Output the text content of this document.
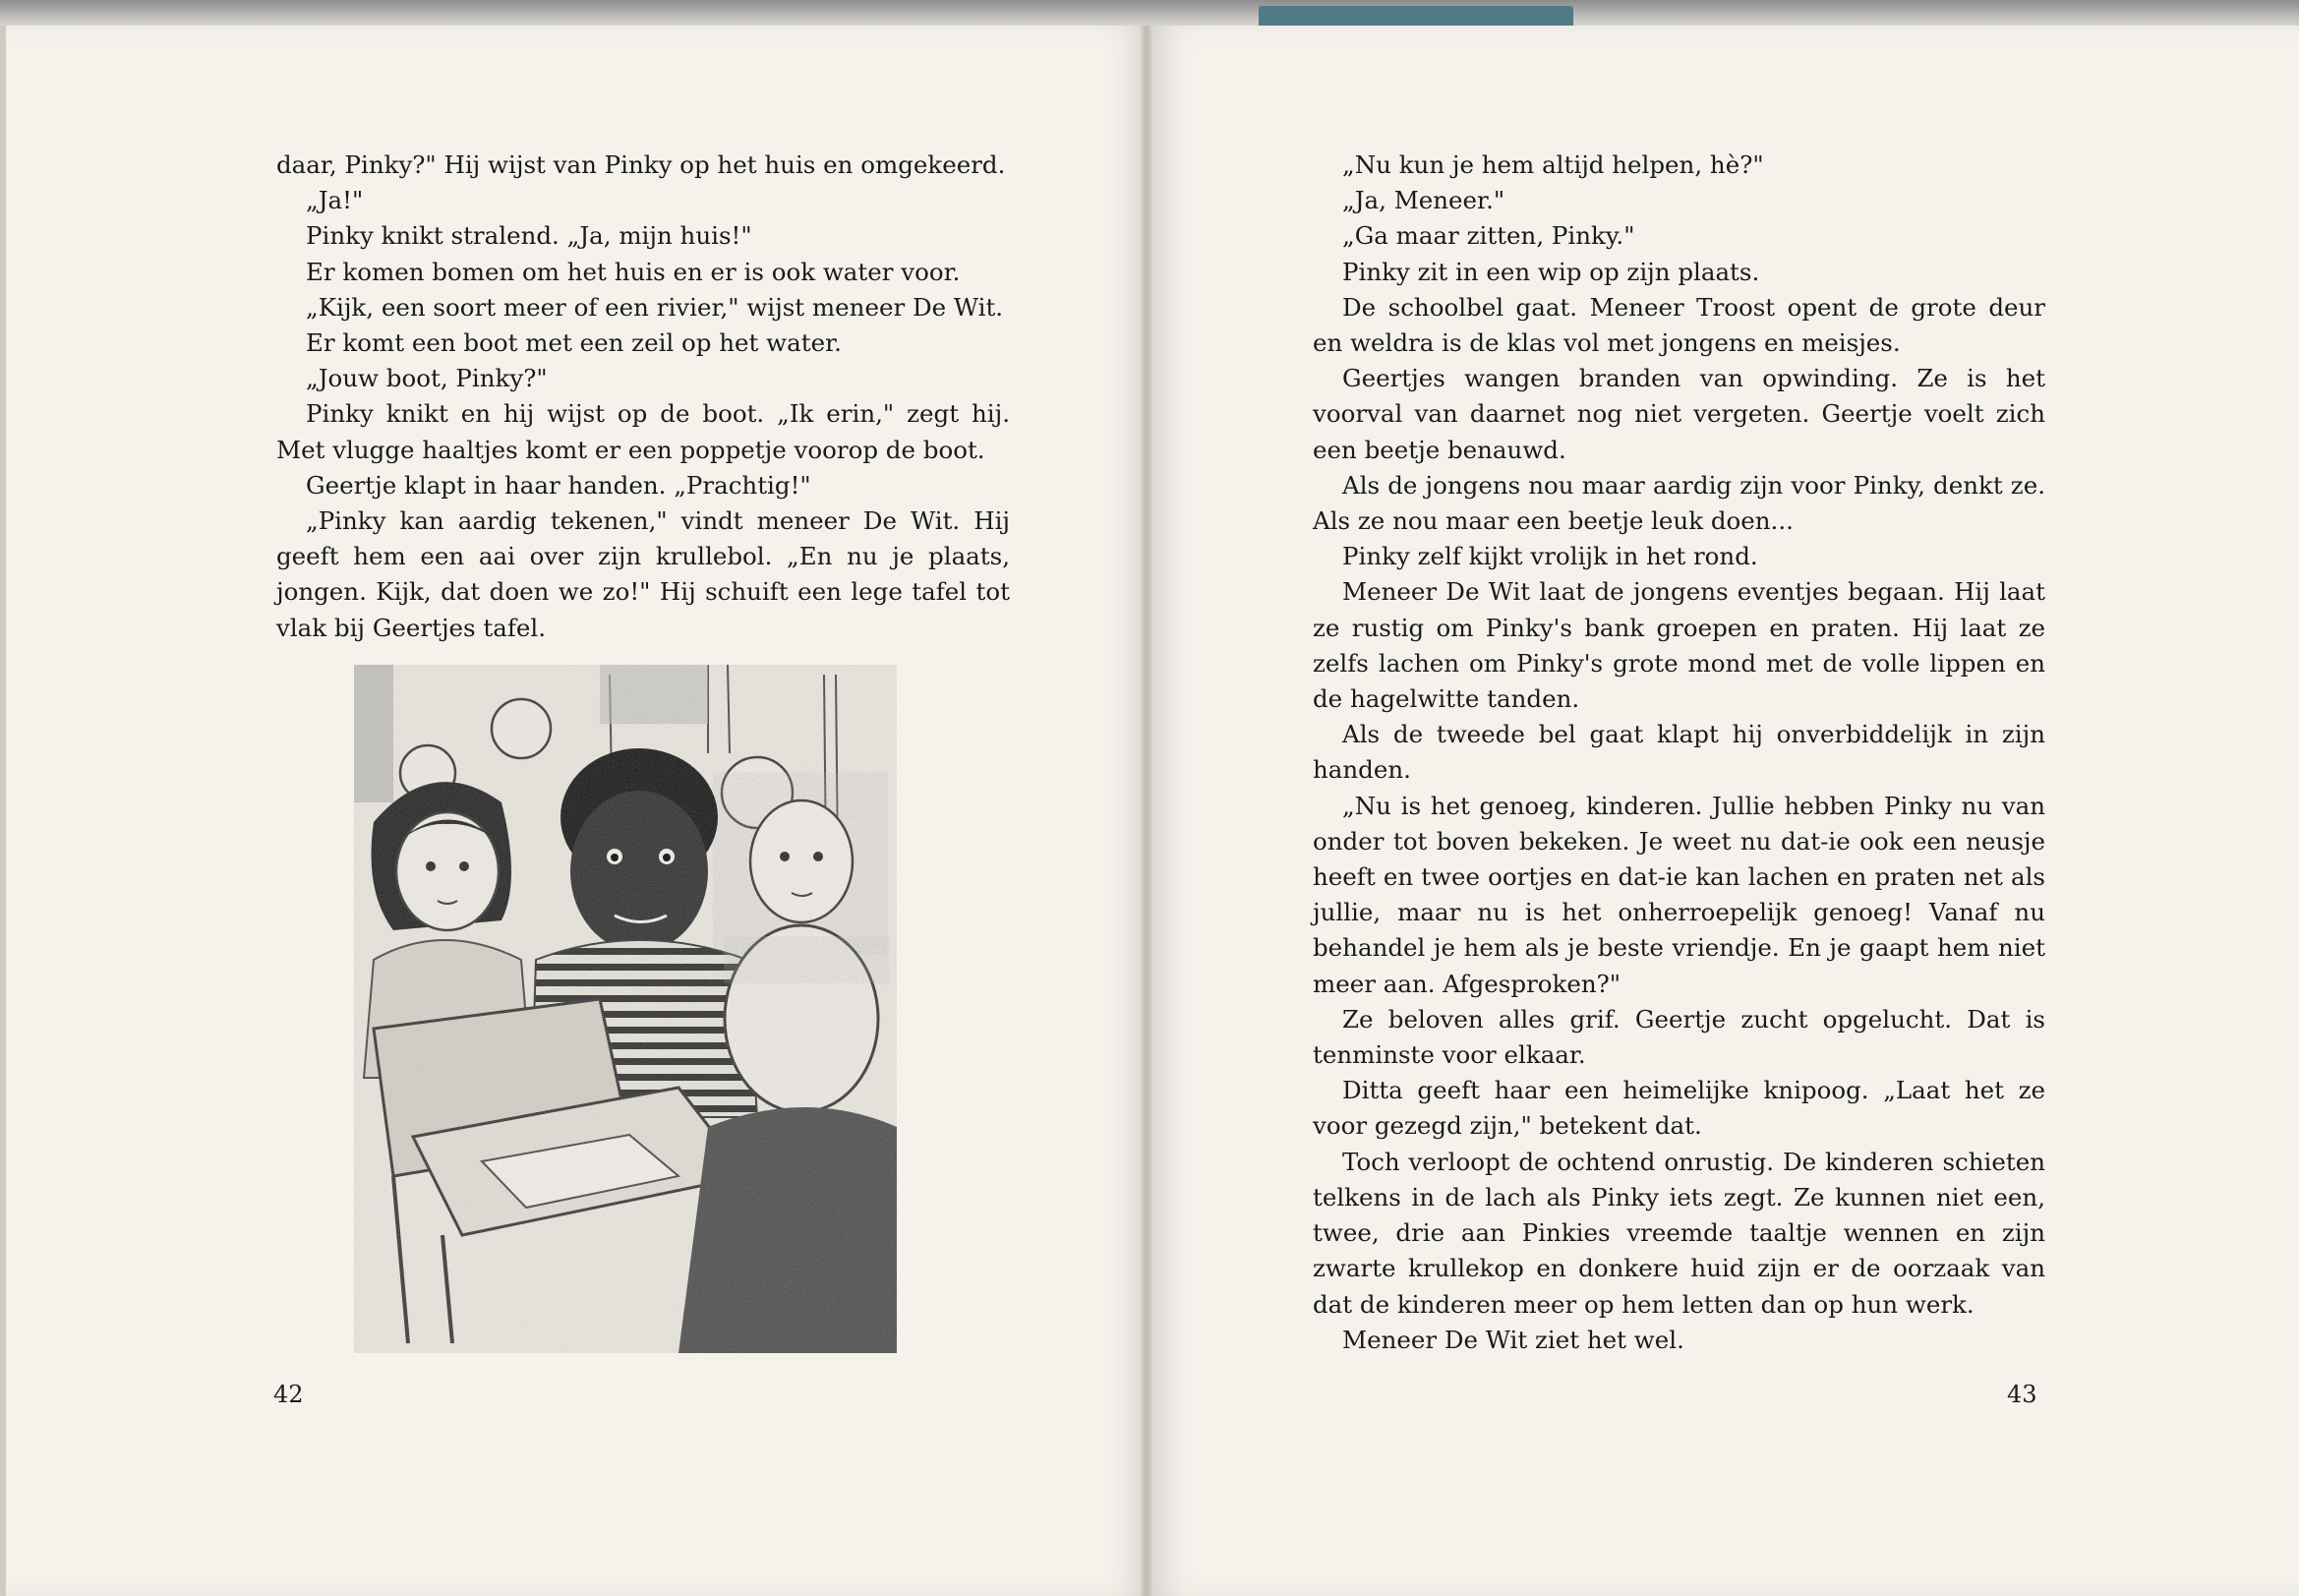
daar, Pinky?" Hij wijst van Pinky op het huis en omgekeerd.

„Ja!"

Pinky knikt stralend. „Ja, mijn huis!"

Er komen bomen om het huis en er is ook water voor.

„Kijk, een soort meer of een rivier," wijst meneer De Wit.

Er komt een boot met een zeil op het water.

„Jouw boot, Pinky?"

Pinky knikt en hij wijst op de boot. „Ik erin," zegt hij. Met vlugge haaltjes komt er een poppetje voorop de boot.

Geertje klapt in haar handen. „Prachtig!"

„Pinky kan aardig tekenen," vindt meneer De Wit. Hij geeft hem een aai over zijn krullebol. „En nu je plaats, jongen. Kijk, dat doen we zo!" Hij schuift een lege tafel tot vlak bij Geertjes tafel.

42

„Nu kun je hem altijd helpen, hè?"

„Ja, Meneer."

„Ga maar zitten, Pinky."

Pinky zit in een wip op zijn plaats.

De schoolbel gaat. Meneer Troost opent de grote deur en weldra is de klas vol met jongens en meisjes.

Geertjes wangen branden van opwinding. Ze is het voorval van daarnet nog niet vergeten. Geertje voelt zich een beetje benauwd.

Als de jongens nou maar aardig zijn voor Pinky, denkt ze. Als ze nou maar een beetje leuk doen...

Pinky zelf kijkt vrolijk in het rond.

Meneer De Wit laat de jongens eventjes begaan. Hij laat ze rustig om Pinky's bank groepen en praten. Hij laat ze zelfs lachen om Pinky's grote mond met de volle lippen en de hagelwitte tanden.

Als de tweede bel gaat klapt hij onverbiddelijk in zijn handen.

„Nu is het genoeg, kinderen. Jullie hebben Pinky nu van onder tot boven bekeken. Je weet nu dat-ie ook een neusje heeft en twee oortjes en dat-ie kan lachen en praten net als jullie, maar nu is het onherroepelijk genoeg! Vanaf nu behandel je hem als je beste vriendje. En je gaapt hem niet meer aan. Afgesproken?"

Ze beloven alles grif. Geertje zucht opgelucht. Dat is tenminste voor elkaar.

Ditta geeft haar een heimelijke knipoog. „Laat het ze voor gezegd zijn," betekent dat.

Toch verloopt de ochtend onrustig. De kinderen schieten telkens in de lach als Pinky iets zegt. Ze kunnen niet een, twee, drie aan Pinkies vreemde taaltje wennen en zijn zwarte krullekop en donkere huid zijn er de oorzaak van dat de kinderen meer op hem letten dan op hun werk.

Meneer De Wit ziet het wel.

43
